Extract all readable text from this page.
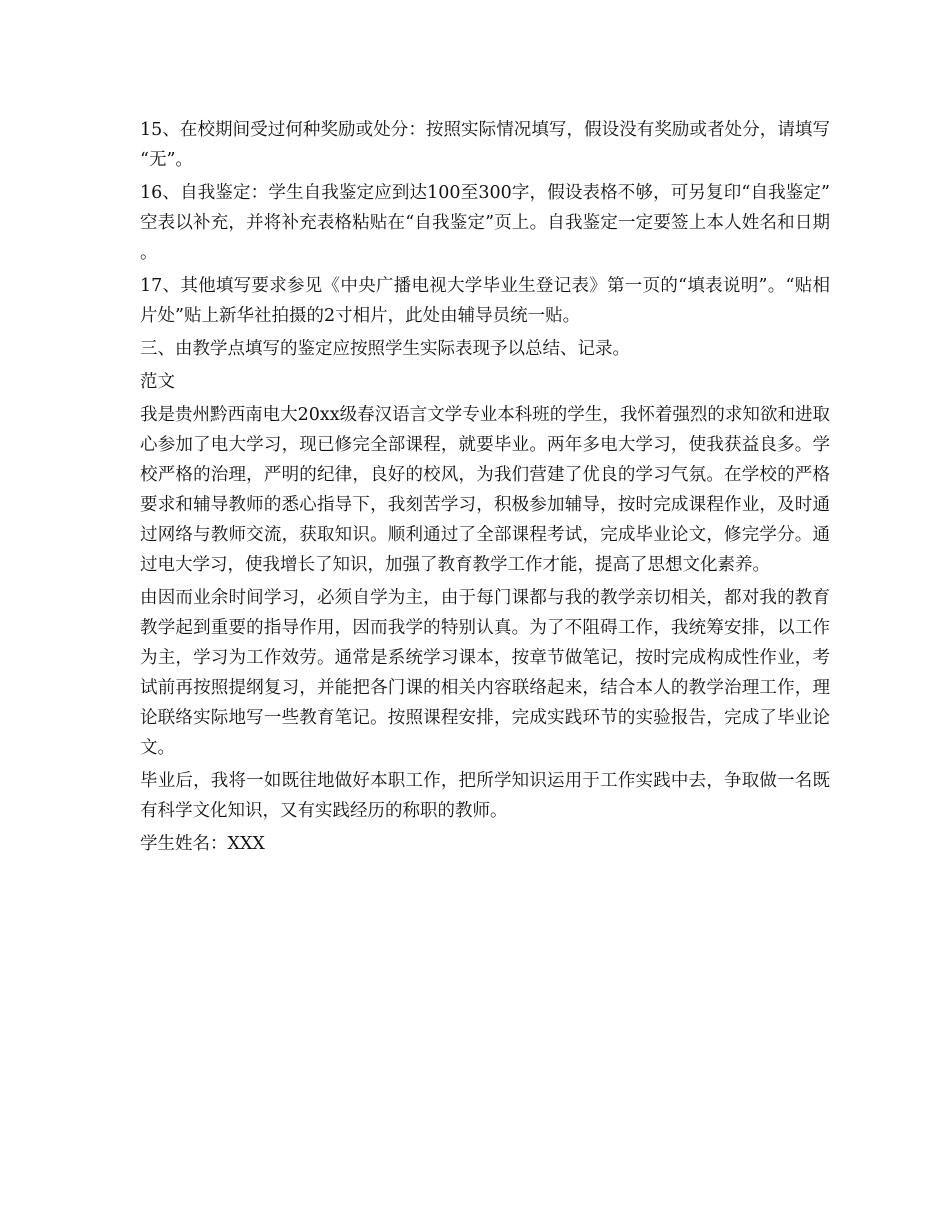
15、在校期间受过何种奖励或处分：按照实际情况填写，假设没有奖励或者处分，请填写“无”。

16、自我鉴定：学生自我鉴定应到达100至300字，假设表格不够，可另复印“自我鉴定”空表以补充，并将补充表格粘贴在“自我鉴定”页上。自我鉴定一定要签上本人姓名和日期。

17、其他填写要求参见《中央广播电视大学毕业生登记表》第一页的“填表说明”。“贴相片处”贴上新华社拍摄的2寸相片，此处由辅导员统一贴。

三、由教学点填写的鉴定应按照学生实际表现予以总结、记录。

范文

我是贵州黔西南电大20xx级春汉语言文学专业本科班的学生，我怀着强烈的求知欲和进取心参加了电大学习，现已修完全部课程，就要毕业。两年多电大学习，使我获益良多。学校严格的治理，严明的纪律，良好的校风，为我们营建了优良的学习气氛。在学校的严格要求和辅导教师的悉心指导下，我刻苦学习，积极参加辅导，按时完成课程作业，及时通过网络与教师交流，获取知识。顺利通过了全部课程考试，完成毕业论文，修完学分。通过电大学习，使我增长了知识，加强了教育教学工作才能，提高了思想文化素养。

由因而业余时间学习，必须自学为主，由于每门课都与我的教学亲切相关，都对我的教育教学起到重要的指导作用，因而我学的特别认真。为了不阻碍工作，我统筹安排，以工作为主，学习为工作效劳。通常是系统学习课本，按章节做笔记，按时完成构成性作业，考试前再按照提纲复习，并能把各门课的相关内容联络起来，结合本人的教学治理工作，理论联络实际地写一些教育笔记。按照课程安排，完成实践环节的实验报告，完成了毕业论文。

毕业后，我将一如既往地做好本职工作，把所学知识运用于工作实践中去，争取做一名既有科学文化知识，又有实践经历的称职的教师。

学生姓名：XXX
